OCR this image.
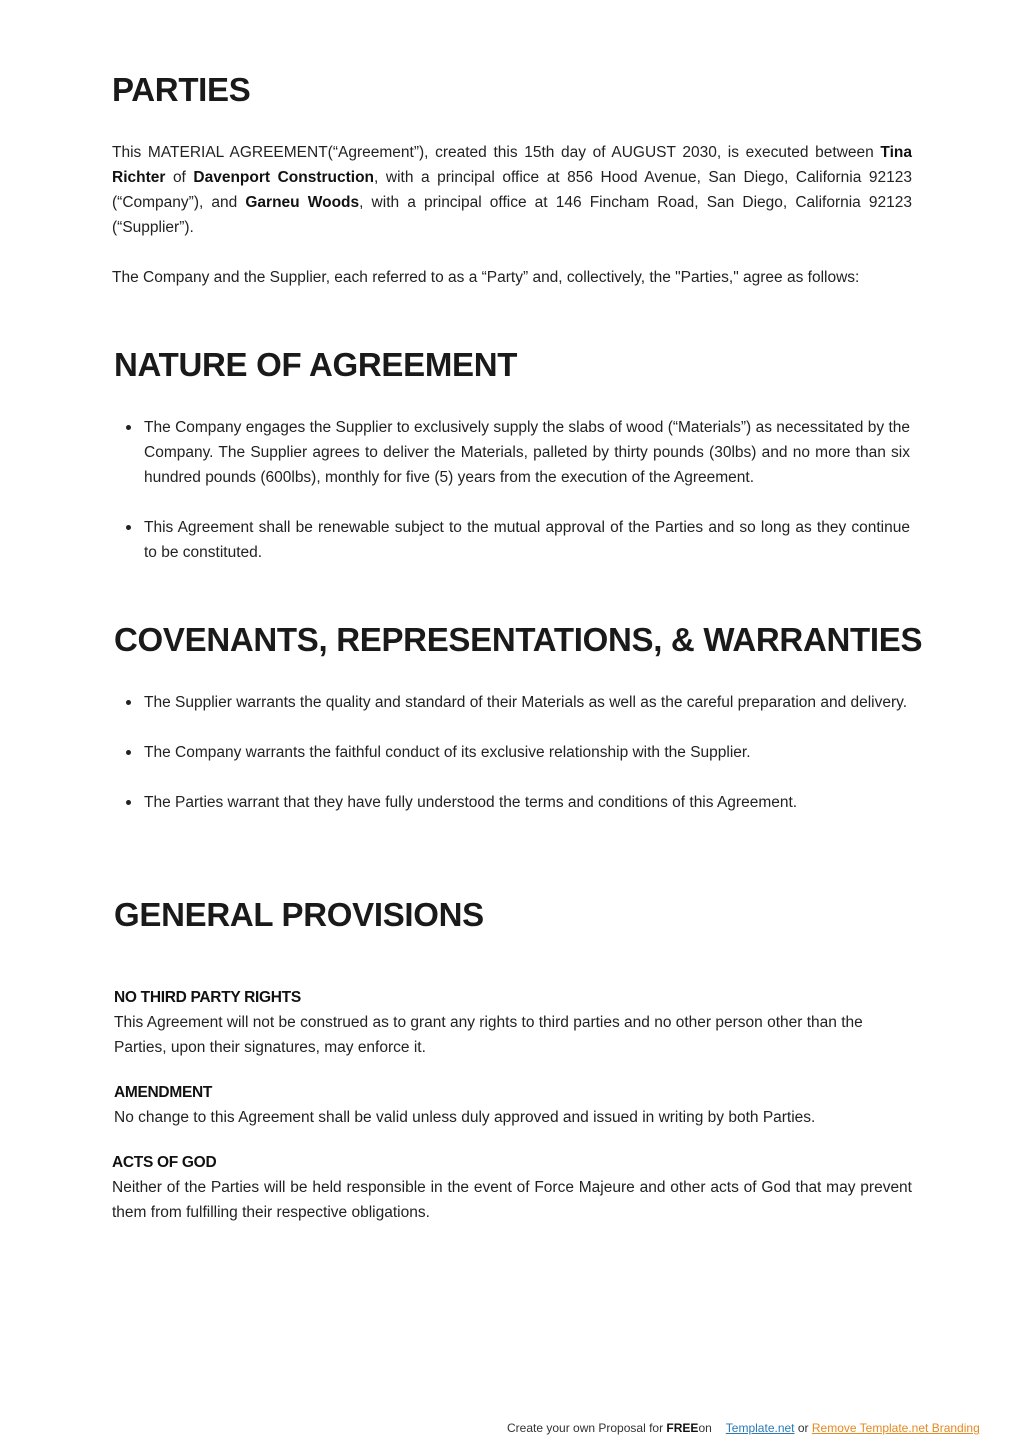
PARTIES

This MATERIAL AGREEMENT(“Agreement”), created this 15th day of AUGUST 2030, is executed between Tina Richter of Davenport Construction, with a principal office at 856 Hood Avenue, San Diego, California 92123 (“Company”), and Garneu Woods, with a principal office at 146 Fincham Road, San Diego, California 92123 (“Supplier”).

The Company and the Supplier, each referred to as a “Party” and, collectively, the "Parties," agree as follows:

NATURE OF AGREEMENT
The Company engages the Supplier to exclusively supply the slabs of wood (“Materials”) as necessitated by the Company. The Supplier agrees to deliver the Materials, palleted by thirty pounds (30lbs) and no more than six hundred pounds (600lbs), monthly for five (5) years from the execution of the Agreement.
This Agreement shall be renewable subject to the mutual approval of the Parties and so long as they continue to be constituted.
COVENANTS, REPRESENTATIONS, & WARRANTIES
The Supplier warrants the quality and standard of their Materials as well as the careful preparation and delivery.
The Company warrants the faithful conduct of its exclusive relationship with the Supplier.
The Parties warrant that they have fully understood the terms and conditions of this Agreement.
GENERAL PROVISIONS
NO THIRD PARTY RIGHTS

This Agreement will not be construed as to grant any rights to third parties and no other person other than the Parties, upon their signatures, may enforce it.

AMENDMENT

No change to this Agreement shall be valid unless duly approved and issued in writing by both Parties.

ACTS OF GOD

Neither of the Parties will be held responsible in the event of Force Majeure and other acts of God that may prevent them from fulfilling their respective obligations.

Create your own Proposal for FREEon Template.net or Remove Template.net Branding
